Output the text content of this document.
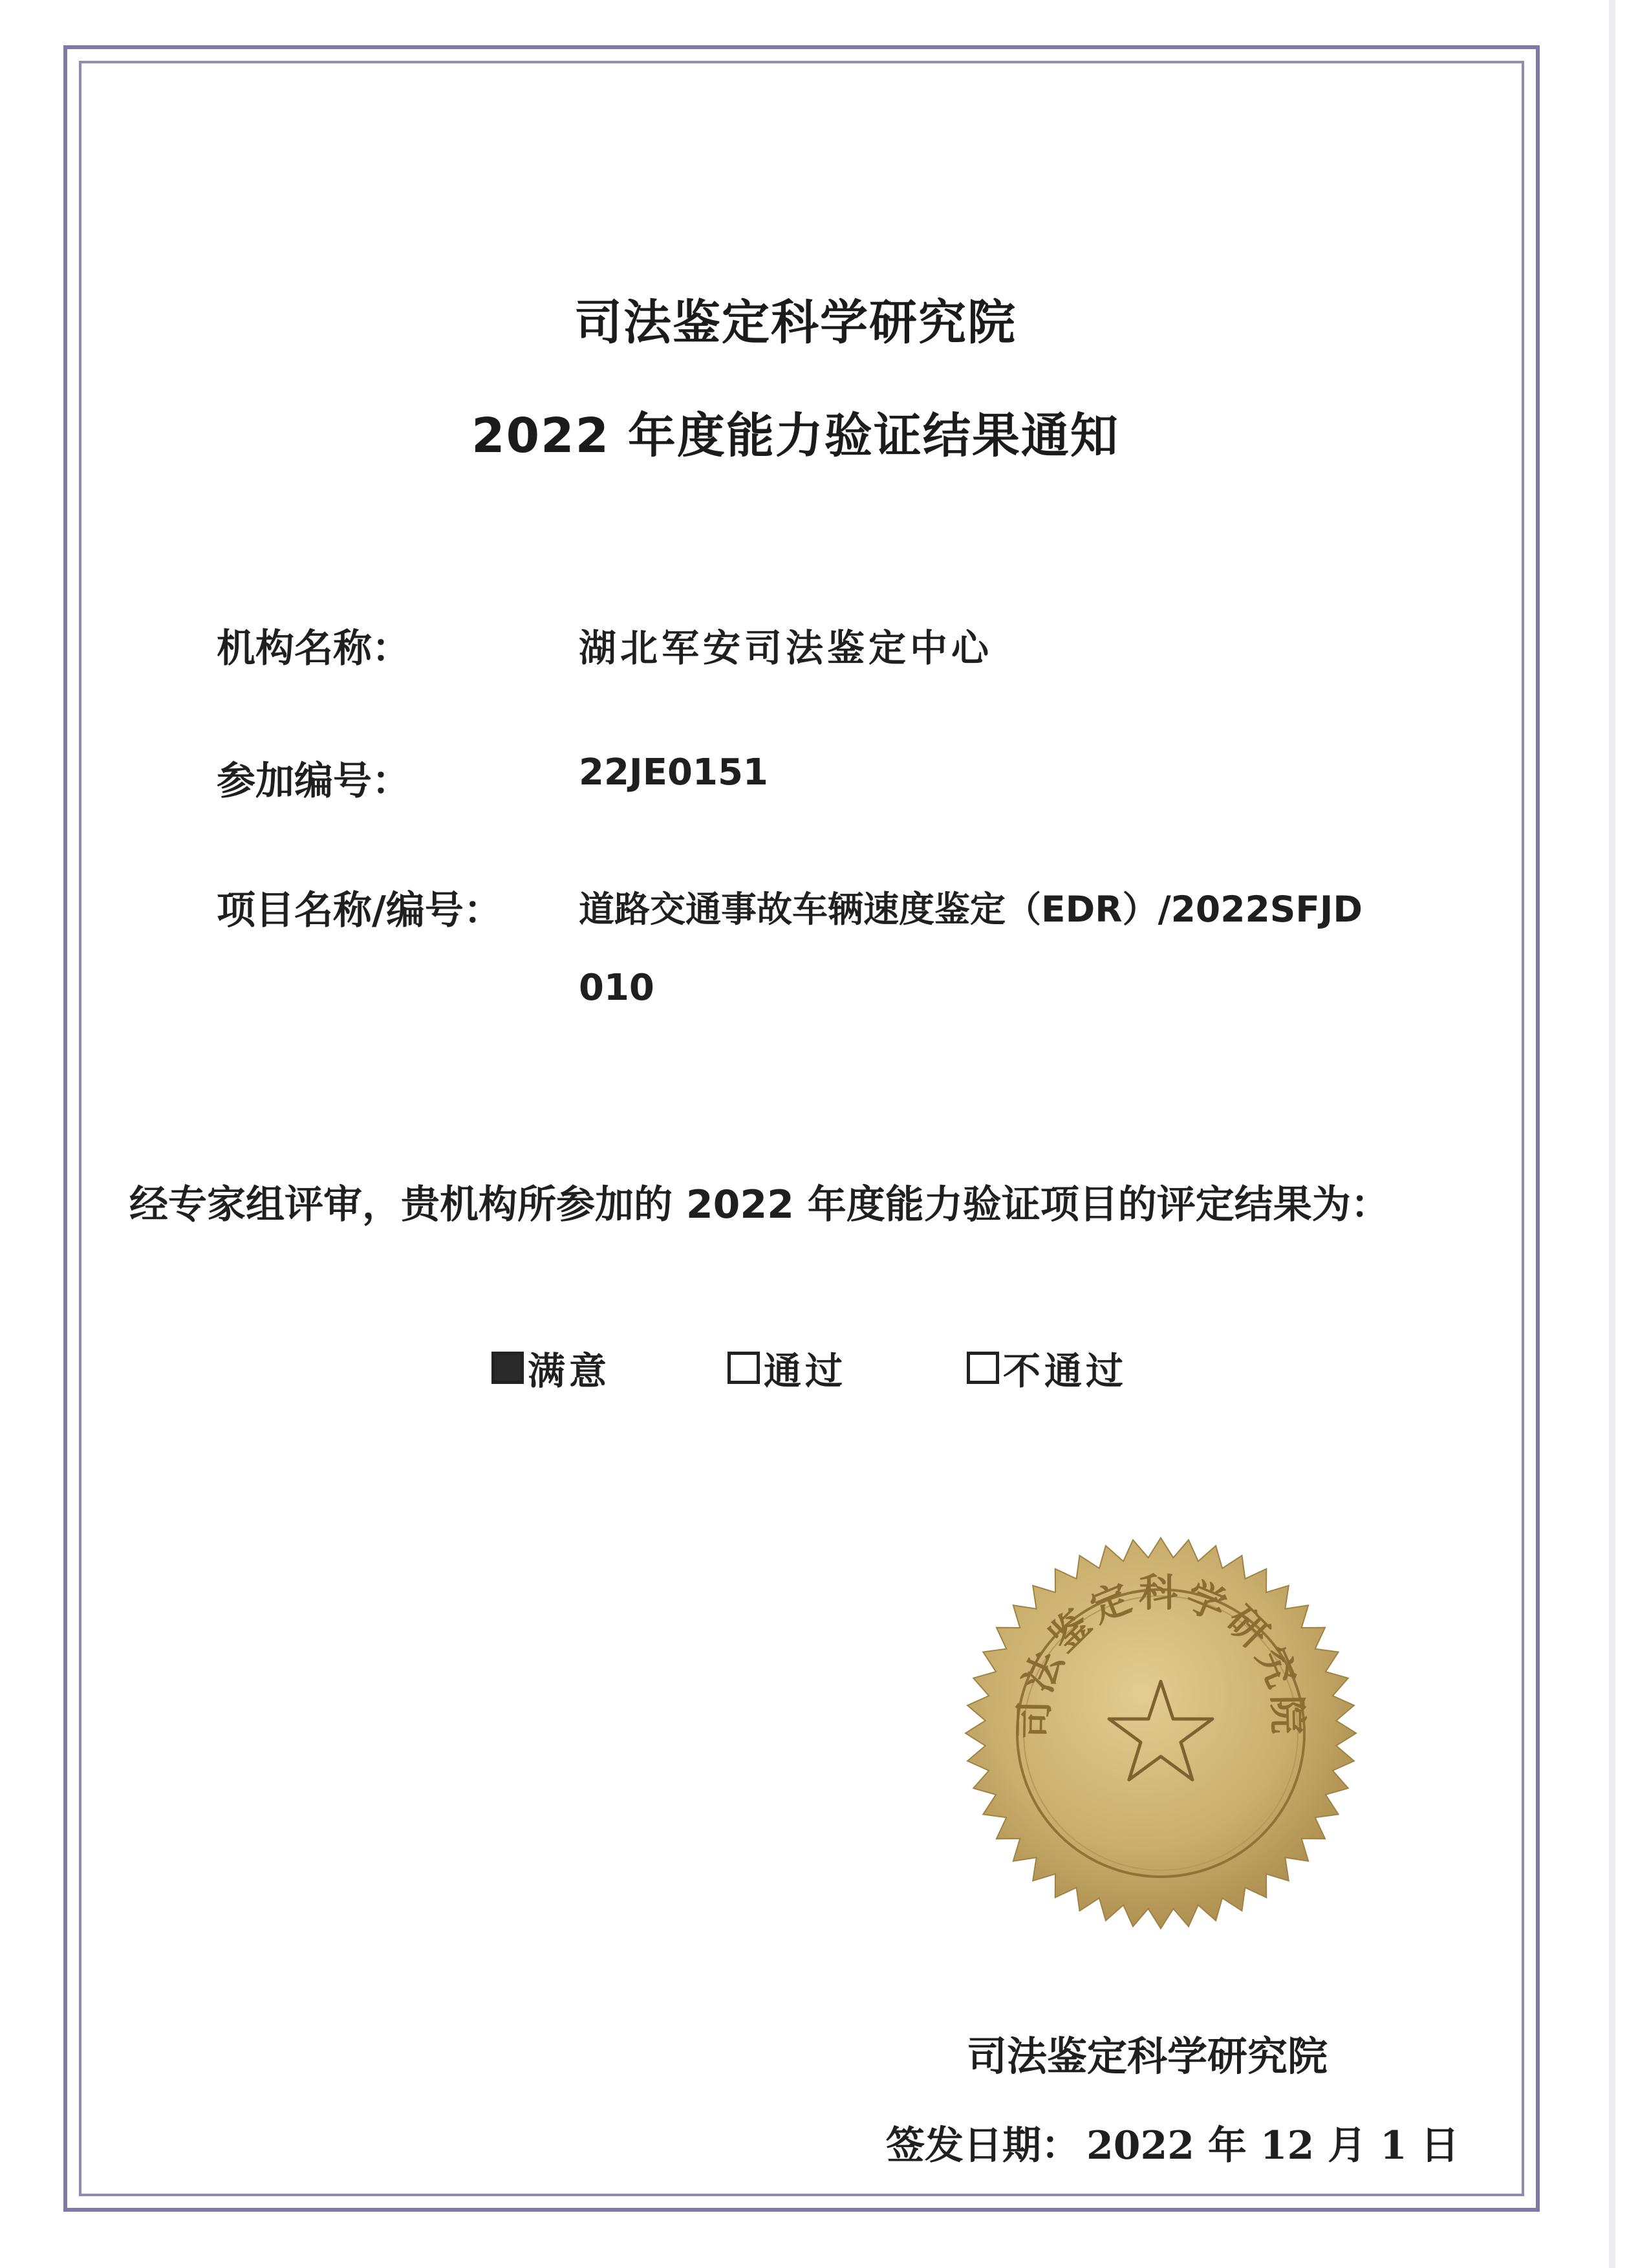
司法鉴定科学研究院
2022 年度能力验证结果通知
机构名称：	湖北军安司法鉴定中心
参加编号：	22JE0151
项目名称/编号： 道路交通事故车辆速度鉴定（EDR）/2022SFJD
010
经专家组评审，贵机构所参加的 2022 年度能力验证项目的评定结果为：
满意	通过	不通过
司法鉴定科学研究院
司法鉴定科学研究院
签发日期： 2022 年 12 月 1 日
